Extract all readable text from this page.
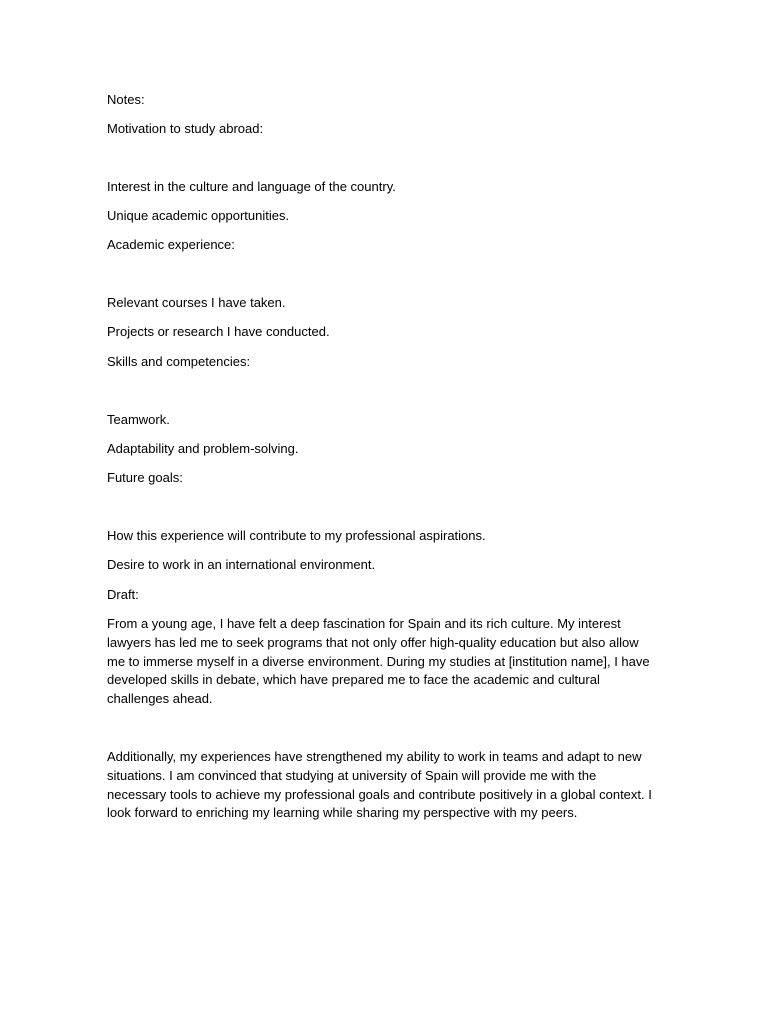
Notes:
Motivation to study abroad:
Interest in the culture and language of the country.
Unique academic opportunities.
Academic experience:
Relevant courses I have taken.
Projects or research I have conducted.
Skills and competencies:
Teamwork.
Adaptability and problem-solving.
Future goals:
How this experience will contribute to my professional aspirations.
Desire to work in an international environment.
Draft:

From a young age, I have felt a deep fascination for Spain and its rich culture. My interest lawyers has led me to seek programs that not only offer high-quality education but also allow me to immerse myself in a diverse environment. During my studies at [institution name], I have developed skills in debate, which have prepared me to face the academic and cultural challenges ahead.

Additionally, my experiences have strengthened my ability to work in teams and adapt to new situations. I am convinced that studying at university of Spain will provide me with the necessary tools to achieve my professional goals and contribute positively in a global context. I look forward to enriching my learning while sharing my perspective with my peers.
